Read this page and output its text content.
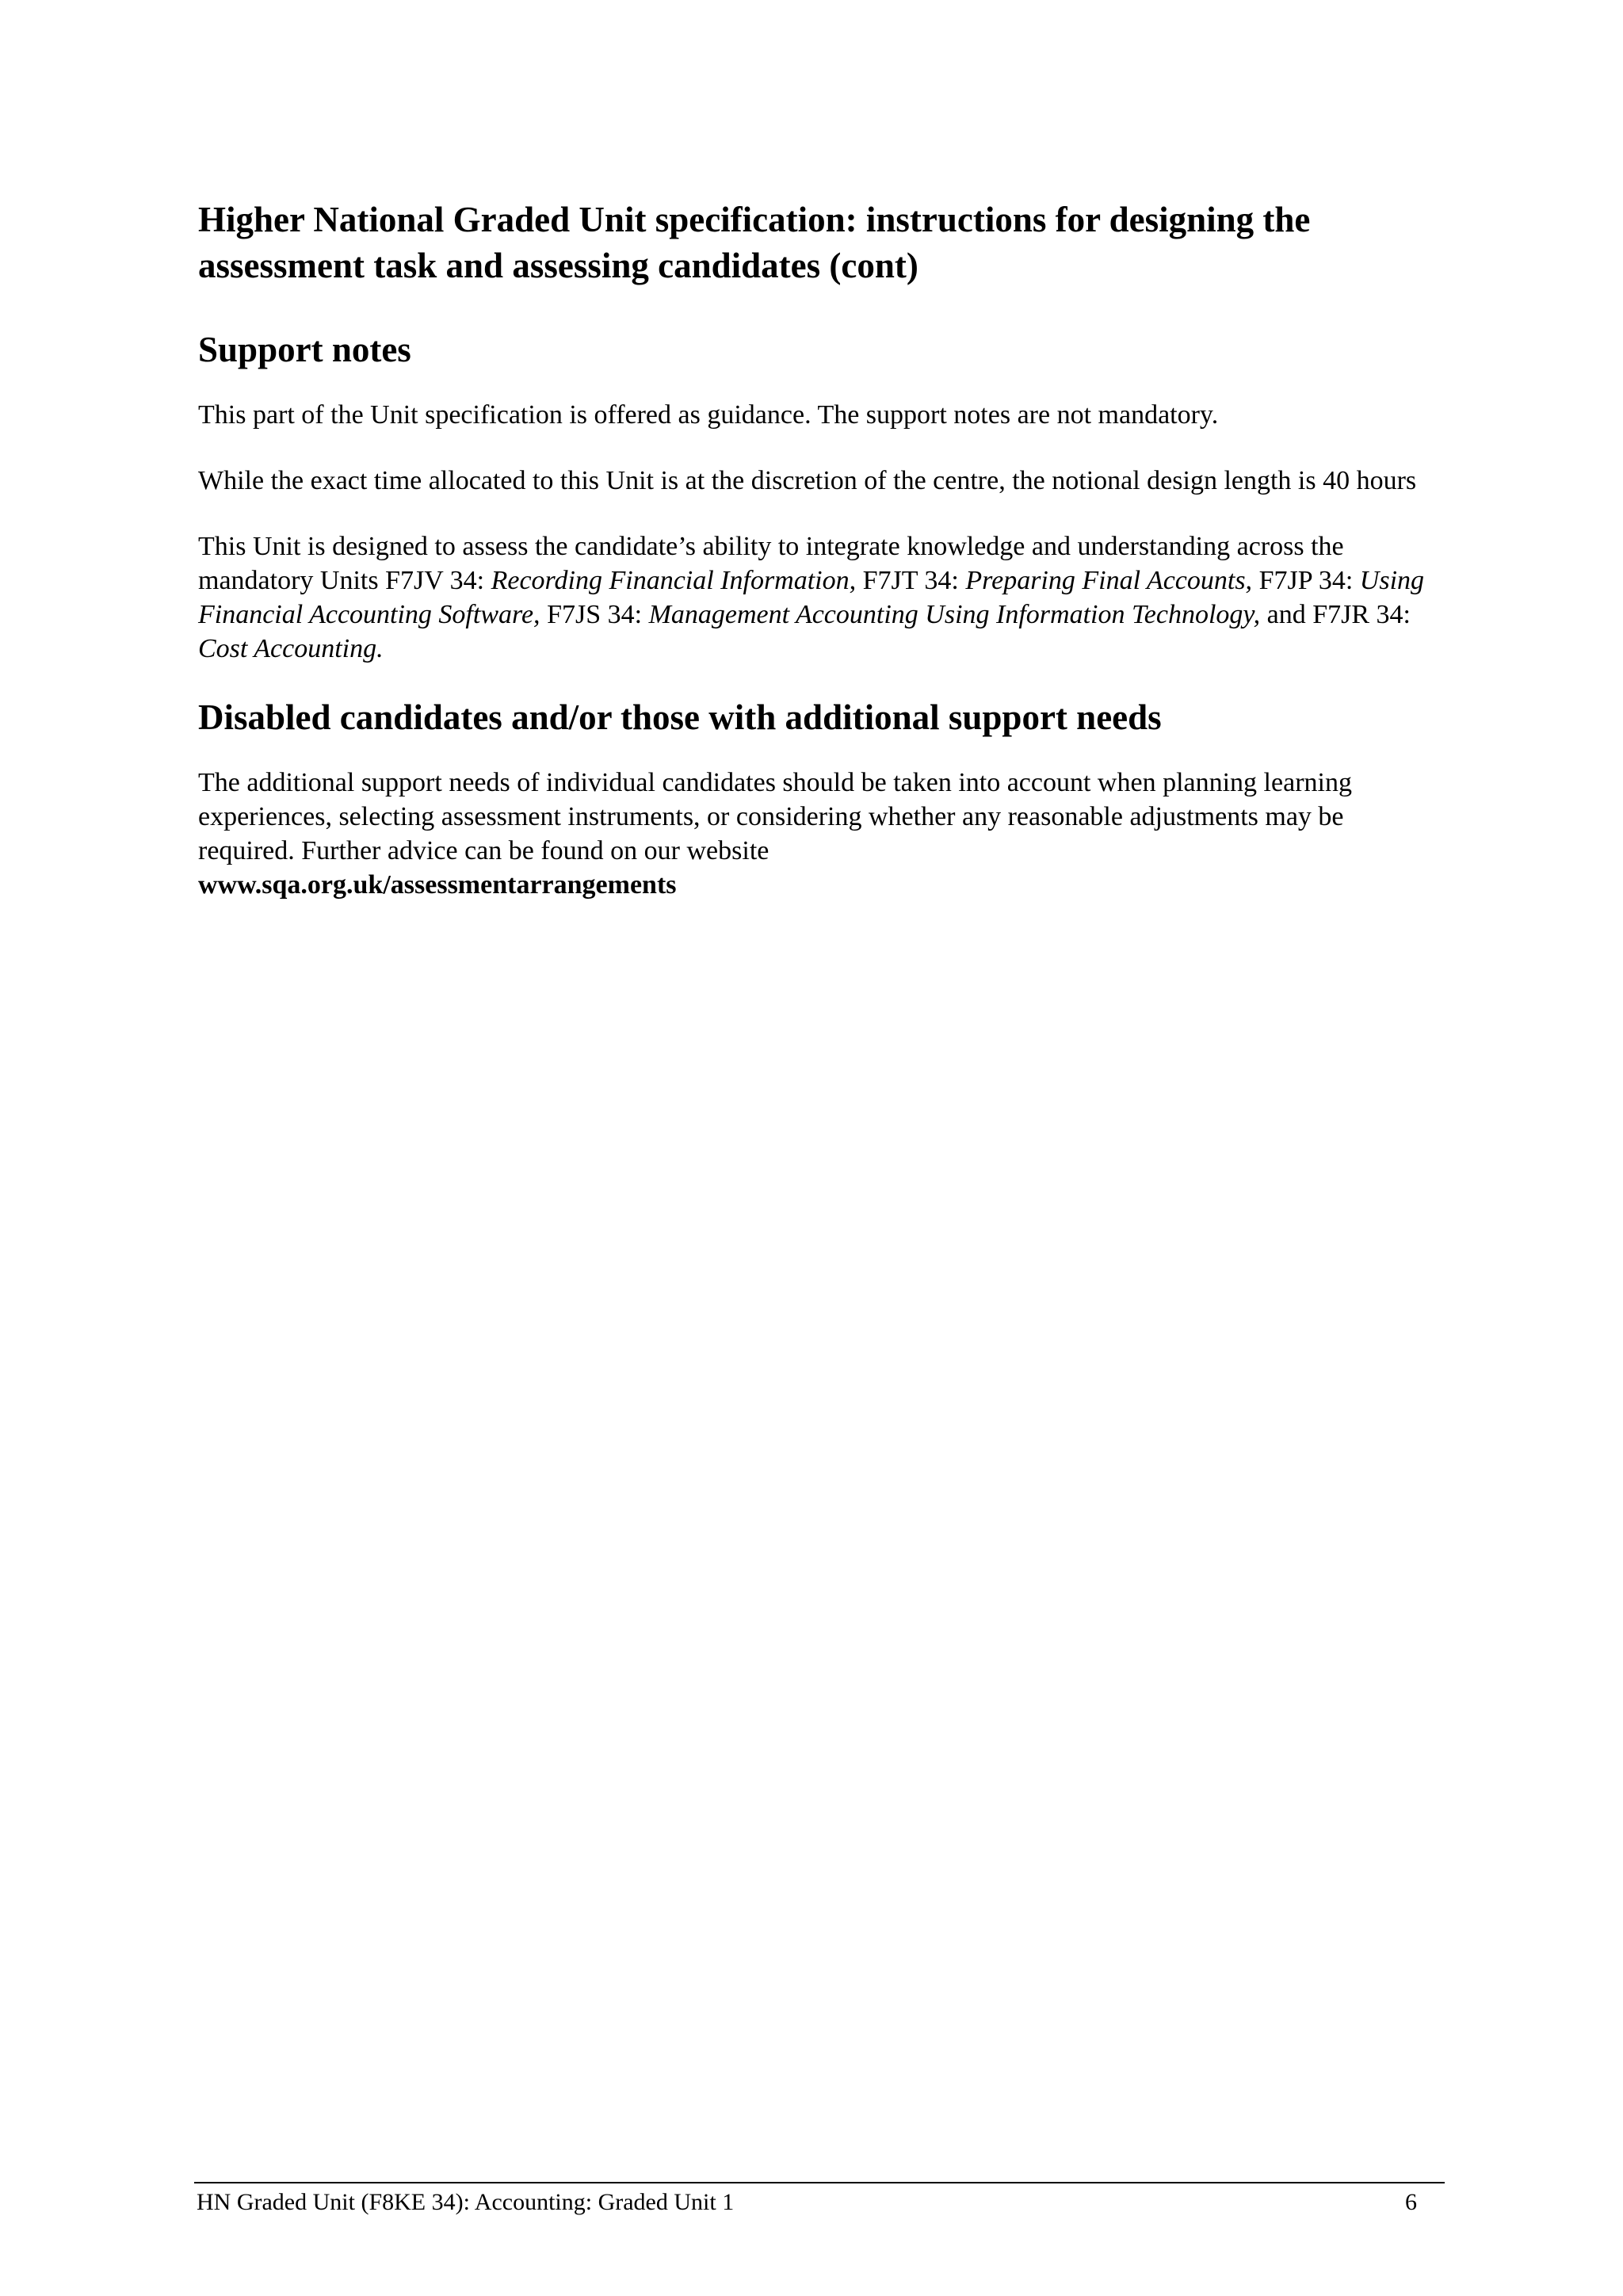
Higher National Graded Unit specification: instructions for designing the assessment task and assessing candidates (cont)
Support notes

This part of the Unit specification is offered as guidance. The support notes are not mandatory.

While the exact time allocated to this Unit is at the discretion of the centre, the notional design length is 40 hours

This Unit is designed to assess the candidate’s ability to integrate knowledge and understanding across the mandatory Units F7JV 34: Recording Financial Information, F7JT 34: Preparing Final Accounts, F7JP 34: Using Financial Accounting Software, F7JS 34: Management Accounting Using Information Technology, and F7JR 34: Cost Accounting.

Disabled candidates and/or those with additional support needs

The additional support needs of individual candidates should be taken into account when planning learning experiences, selecting assessment instruments, or considering whether any reasonable adjustments may be required. Further advice can be found on our website
www.sqa.org.uk/assessmentarrangements

HN Graded Unit (F8KE 34): Accounting: Graded Unit 1	6
